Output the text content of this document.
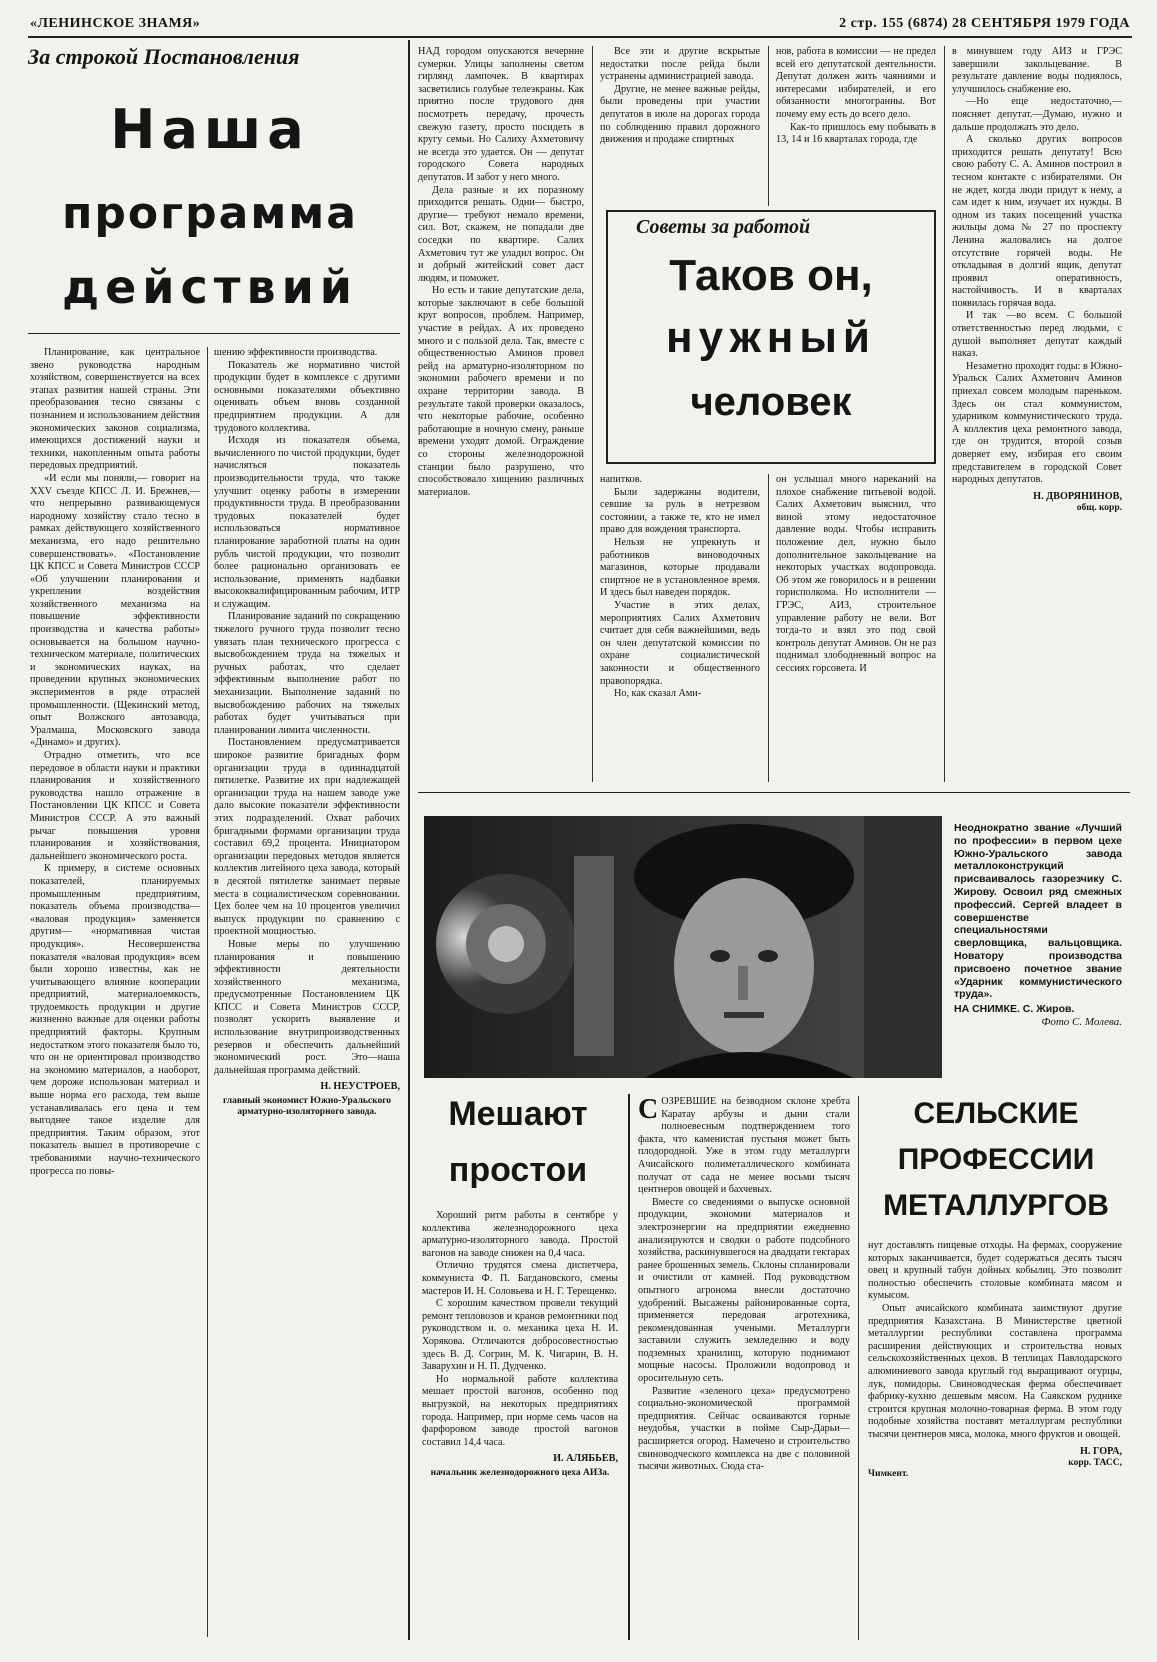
«ЛЕНИНСКОЕ ЗНАМЯ»	2 стр. 155 (6874) 28 СЕНТЯБРЯ 1979 ГОДА
За строкой Постановления
Наша
программа
действий

Планирование, как центральное звено руководства народным хозяйством, совершенствуется на всех этапах развития нашей страны. Эти преобразования тесно связаны с познанием и использованием действия экономических законов социализма, имеющихся достижений науки и техники, накопленным опыта работы передовых предприятий.

«И если мы поняли,— говорит на XXV съезде КПСС Л. И. Брежнев,—что непрерывно развивающемуся народному хозяйству стало тесно в рамках действующего хозяйственного механизма, его надо решительно совершенствовать». «Постановление ЦК КПСС и Совета Министров СССР «Об улучшении планирования и укреплении воздействия хозяйственного механизма на повышение эффективности производства и качества работы» основывается на большом научно-техническом материале, политических и экономических науках, на проведении крупных экономических экспериментов в ряде отраслей промышленности. (Щекинский метод, опыт Волжского автозавода, Уралмаша, Московского завода «Динамо» и других).

Отрадно отметить, что все передовое в области науки и практики планирования и хозяйственного руководства нашло отражение в Постановлении ЦК КПСС и Совета Министров СССР. А это важный рычаг повышения уровня планирования и хозяйствования, дальнейшего экономического роста.

К примеру, в системе основных показателей, планируемых промышленным предприятиям, показатель объема производства— «валовая продукция» заменяется другим— «нормативная чистая продукция». Несовершенства показателя «валовая продукция» всем были хорошо известны, как не учитывающего влияние кооперации предприятий, материалоемкость, трудоемкость продукции и другие жизненно важные для оценки работы предприятий факторы. Крупным недостатком этого показателя было то, что он не ориентировал производство на экономию материалов, а наоборот, чем дороже использован материал и выше норма его расхода, тем выше устанавливалась его цена и тем выгоднее такое изделие для предприятия. Таким образом, этот показатель вышел в противоречие с требованиями научно-технического прогресса по повы-

шению эффективности производства.

Показатель же нормативно чистой продукции будет в комплексе с другими основными показателями объективно оценивать объем вновь созданной предприятием продукции. А для трудового коллектива.

Исходя из показателя объема, вычисленного по чистой продукции, будет начисляться показатель производительности труда, что также улучшит оценку работы в измерении продуктивности труда. В преобразовании трудовых показателей будет использоваться нормативное планирование заработной платы на один рубль чистой продукции, что позволит более рационально организовать ее использование, применять надбавки высококвалифицированным рабочим, ИТР и служащим.

Планирование заданий по сокращению тяжелого ручного труда позволит тесно увязать план технического прогресса с высвобождением труда на тяжелых и ручных работах, что сделает эффективным выполнение работ по механизации. Выполнение заданий по высвобождению рабочих на тяжелых работах будет учитываться при планировании лимита численности.

Постановлением предусматривается широкое развитие бригадных форм организации труда в одиннадцатой пятилетке. Развитие их при надлежащей организации труда на нашем заводе уже дало высокие показатели эффективности этих подразделений. Охват рабочих бригадными формами организации труда составил 69,2 процента. Инициатором организации передовых методов является коллектив литейного цеха завода, который в десятой пятилетке занимает первые места в социалистическом соревновании. Цех более чем на 10 процентов увеличил выпуск продукции по сравнению с проектной мощностью.

Новые меры по улучшению планирования и повышению эффективности деятельности хозяйственного механизма, предусмотренные Постановлением ЦК КПСС и Совета Министров СССР, позволят ускорить выявление и использование внутрипроизводственных резервов и обеспечить дальнейший экономический рост. Это—наша дальнейшая программа действий.

Н. НЕУСТРОЕВ,

главный экономист Южно-Уральского арматурно-изоляторного завода.

НАД городом опускаются вечерние сумерки. Улицы заполнены светом гирлянд лампочек. В квартирах засветились голубые телеэкраны. Как приятно после трудового дня посмотреть передачу, прочесть свежую газету, просто посидеть в кругу семьи. Но Салиху Ахметовичу не всегда это удается. Он — депутат городского Совета народных депутатов. И забот у него много.

Дела разные и их поразному приходится решать. Одни— быстро, другие— требуют немало времени, сил. Вот, скажем, не попадали две соседки по квартире. Салих Ахметович тут же уладил вопрос. Он и добрый житейский совет даст людям, и поможет.

Но есть и такие депутатские дела, которые заключают в себе большой круг вопросов, проблем. Например, участие в рейдах. А их проведено много и с пользой дела. Так, вместе с общественностью Аминов провел рейд на арматурно-изоляторном по экономии рабочего времени и по охране территории завода. В результате такой проверки оказалось, что некоторые рабочие, особенно работающие в ночную смену, раньше времени уходят домой. Ограждение со стороны железнодорожной станции было разрушено, что способствовало хищению различных материалов.

Все эти и другие вскрытые недостатки после рейда были устранены администрацией завода.

Другие, не менее важные рейды, были проведены при участии депутатов в июле на дорогах города по соблюдению правил дорожного движения и продаже спиртных

нов, работа в комиссии — не предел всей его депутатской деятельности. Депутат должен жить чаяниями и интересами избирателей, и его обязанности многогранны. Вот почему ему есть до всего дело.

Как-то пришлось ему побывать в 13, 14 и 16 кварталах города, где

Советы за работой
Таков он,
нужный
человек

напитков.

Были задержаны водители, севшие за руль в нетрезвом состоянии, а также те, кто не имел право для вождения транспорта.

Нельзя не упрекнуть и работников виноводочных магазинов, которые продавали спиртное не в установленное время. И здесь был наведен порядок.

Участие в этих делах, мероприятиях Салих Ахметович считает для себя важнейшими, ведь он член депутатской комиссии по охране социалистической законности и общественного правопорядка.

Но, как сказал Ами-

он услышал много нареканий на плохое снабжение питьевой водой. Салих Ахметович выяснил, что виной этому недостаточное давление воды. Чтобы исправить положение дел, нужно было дополнительное закольцевание на некоторых участках водопровода. Об этом же говорилось и в решении горисполкома. Но исполнители — ГРЭС, АИЗ, строительное управление работу не вели. Вот тогда-то и взял это под свой контроль депутат Аминов. Он не раз поднимал злободневный вопрос на сессиях горсовета. И

в минувшем году АИЗ и ГРЭС завершили закольцевание. В результате давление воды поднялось, улучшилось снабжение ею.

—Но еще недостаточно,— поясняет депутат.—Думаю, нужно и дальше продолжать это дело.

А сколько других вопросов приходится решать депутату! Всю свою работу С. А. Аминов построил в тесном контакте с избирателями. Он не ждет, когда люди придут к нему, а сам идет к ним, изучает их нужды. В одном из таких посещений участка жильцы дома № 27 по проспекту Ленина жаловались на долгое отсутствие горячей воды. Не откладывая в долгий ящик, депутат проявил оперативность, настойчивость. И в кварталах появилась горячая вода.

И так —во всем. С большой ответственностью перед людьми, с душой выполняет депутат каждый наказ.

Незаметно проходят годы: в Южно-Уральск Салих Ахметович Аминов приехал совсем молодым пареньком. Здесь он стал коммунистом, ударником коммунистического труда. А коллектив цеха ремонтного завода, где он трудится, второй созыв доверяет ему, избирая его своим представителем в городской Совет народных депутатов.

Н. ДВОРЯНИНОВ,

общ. корр.

Неоднократно звание «Лучший по профессии» в первом цехе Южно-Уральского завода металлоконструкций присваивалось газорезчику С. Жирову. Освоил ряд смежных профессий. Сергей владеет в совершенстве специальностями сверловщика, вальцовщика. Новатору производства присвоено почетное звание «Ударник коммунистического труда».

НА СНИМКЕ. С. Жиров.

Фото С. Молева.

Мешают
простои

Хороший ритм работы в сентябре у коллектива железнодорожного цеха арматурно-изоляторного завода. Простой вагонов на заводе снижен на 0,4 часа.

Отлично трудятся смена диспетчера, коммуниста Ф. П. Багдановского, смены мастеров И. Н. Соловьева и Н. Г. Терещенко.

С хорошим качеством провели текущий ремонт тепловозов и кранов ремонтники под руководством и. о. механика цеха Н. И. Хорякова. Отличаются добросовестностью здесь В. Д. Согрин, М. К. Чигарин, В. Н. Заварухин и Н. П. Дудченко.

Но нормальной работе коллектива мешает простой вагонов, особенно под выгрузкой, на некоторых предприятиях города. Например, при норме семь часов на фарфоровом заводе простой вагонов составил 14,4 часа.

И. АЛЯБЬЕВ,

начальник железнодорожного цеха АИЗа.

СОЗРЕВШИЕ на безводном склоне хребта Каратау арбузы и дыни стали полноевесным подтверждением того факта, что каменистая пустыня может быть плодородной. Уже в этом году металлурги Ачисайского полиметаллического комбината получат от сада не менее восьми тысяч центнеров овощей и бахчевых.

Вместе со сведениями о выпуске основной продукции, экономии материалов и электроэнергии на предприятии ежедневно анализируются и сводки о работе подсобного хозяйства, раскинувшегося на двадцати гектарах ранее брошенных земель. Склоны спланировали и очистили от камней. Под руководством опытного агронома внесли достаточно удобрений. Высажены районированные сорта, применяется передовая агротехника, рекомендованная учеными. Металлурги заставили служить земледелию и воду подземных хранилищ, которую поднимают мощные насосы. Проложили водопровод и оросительную сеть.

Развитие «зеленого цеха» предусмотрено социально-экономической программой предприятия. Сейчас осваиваются горные неудобья, участки в пойме Сыр-Дарьи— расширяется огород. Намечено и строительство свиноводческого комплекса на две с половиной тысячи животных. Сюда ста-

СЕЛЬСКИЕ
ПРОФЕССИИ
МЕТАЛЛУРГОВ

нут доставлять пищевые отходы. На фермах, сооружение которых заканчивается, будет содержаться десять тысяч овец и крупный табун дойных кобылиц. Это позволит полностью обеспечить столовые комбината мясом и кумысом.

Опыт ачисайского комбината заимствуют другие предприятия Казахстана. В Министерстве цветной металлургии республики составлена программа расширения действующих и строительства новых сельскохозяйственных цехов. В теплицах Павлодарского алюминиевого завода круглый год выращивают огурцы, лук, помидоры. Свиноводческая ферма обеспечивает фабрику-кухню дешевым мясом. На Саякском руднике строится крупная молочно-товарная ферма. В этом году подобные хозяйства поставят металлургам республики тысячи центнеров мяса, молока, много фруктов и овощей.

Н. ГОРА,

корр. ТАСС,

Чимкент.
